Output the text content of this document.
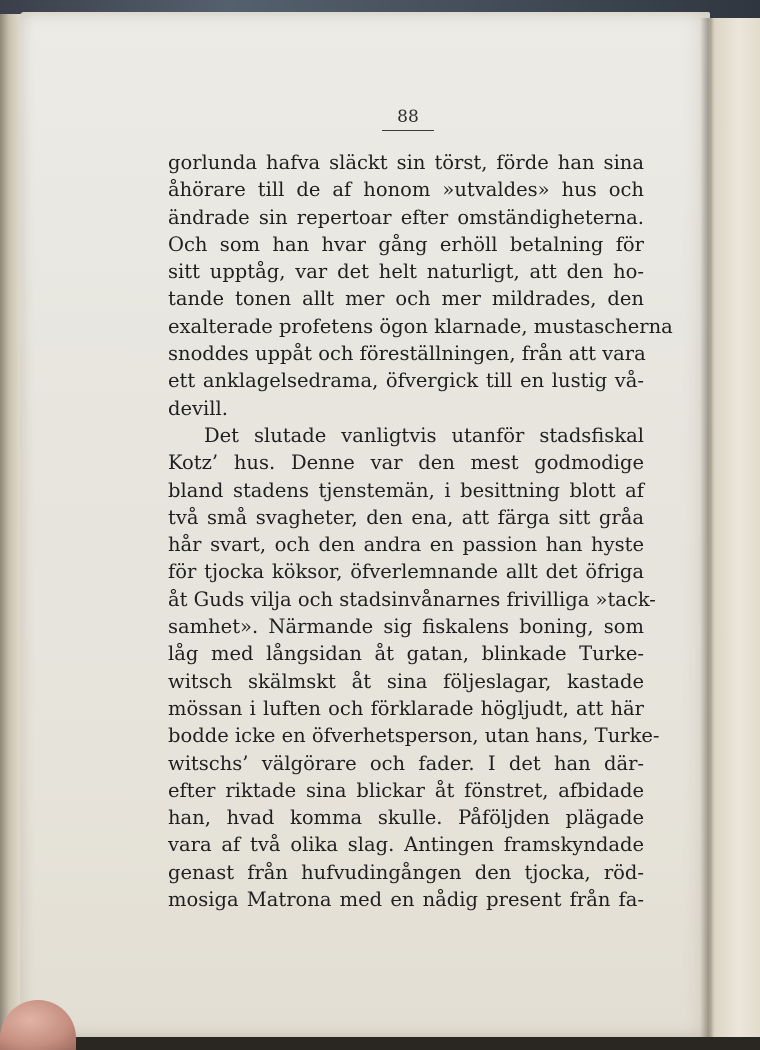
88
gorlunda hafva släckt sin törst, förde han sina
åhörare till de af honom »utvaldes» hus och
ändrade sin repertoar efter omständigheterna.
Och som han hvar gång erhöll betalning för
sitt upptåg, var det helt naturligt, att den ho-
tande tonen allt mer och mer mildrades, den
exalterade profetens ögon klarnade, mustascherna
snoddes uppåt och föreställningen, från att vara
ett anklagelsedrama, öfvergick till en lustig vå-
devill.
Det slutade vanligtvis utanför stadsfiskal
Kotz’ hus. Denne var den mest godmodige
bland stadens tjenstemän, i besittning blott af
två små svagheter, den ena, att färga sitt gråa
hår svart, och den andra en passion han hyste
för tjocka köksor, öfverlemnande allt det öfriga
åt Guds vilja och stadsinvånarnes frivilliga »tack-
samhet». Närmande sig fiskalens boning, som
låg med långsidan åt gatan, blinkade Turke-
witsch skälmskt åt sina följeslagar, kastade
mössan i luften och förklarade högljudt, att här
bodde icke en öfverhetsperson, utan hans, Turke-
witschs’ välgörare och fader. I det han där-
efter riktade sina blickar åt fönstret, afbidade
han, hvad komma skulle. Påföljden plägade
vara af två olika slag. Antingen framskyndade
genast från hufvudingången den tjocka, röd-
mosiga Matrona med en nådig present från fa-
